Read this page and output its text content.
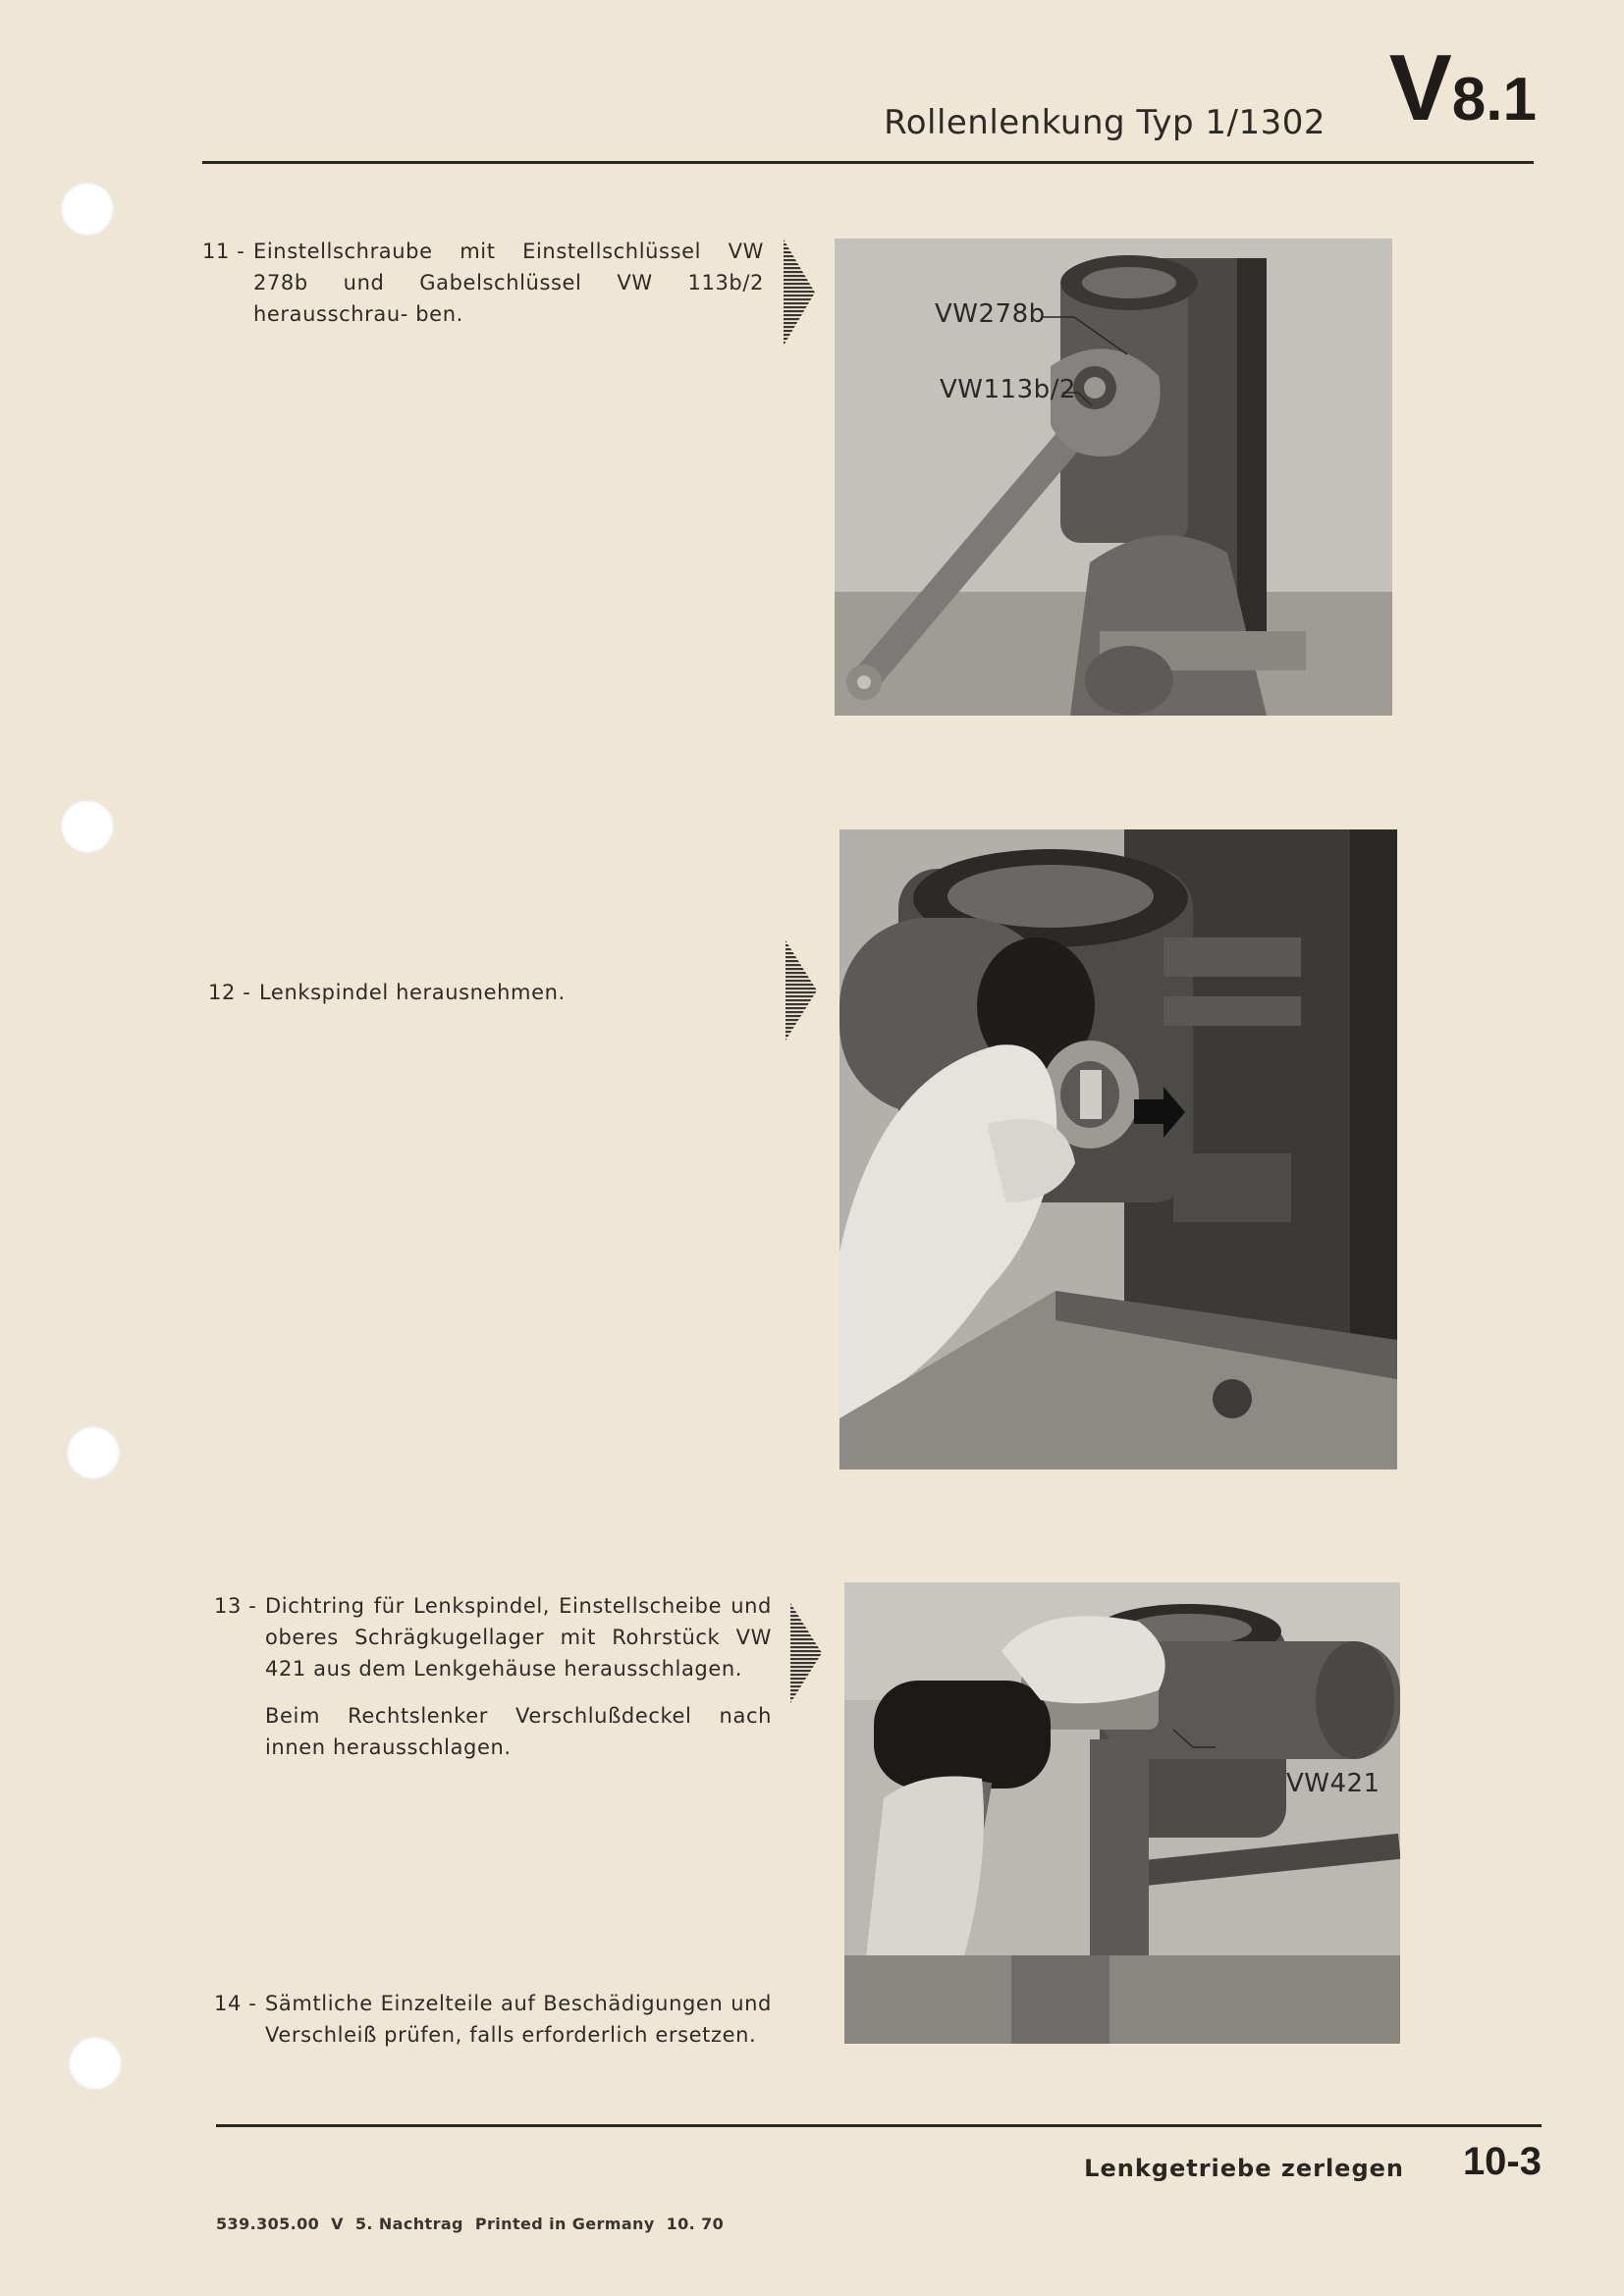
Rollenlenkung Typ 1/1302 V8.1
11 - Einstellschraube mit Einstellschlüssel VW 278b und Gabelschlüssel VW 113b/2 herausschrau- ben.	VW278b
VW113b/2
12 - Lenkspindel herausnehmen.
13 - Dichtring für Lenkspindel, Einstellscheibe und oberes Schrägkugellager mit Rohrstück VW 421 aus dem Lenkgehäuse herausschlagen.
Beim Rechtslenker Verschlußdeckel nach innen herausschlagen.
VW421
14 - Sämtliche Einzelteile auf Beschädigungen und Verschleiß prüfen, falls erforderlich ersetzen.
Lenkgetriebe zerlegen	10-3
539.305.00  V  5. Nachtrag  Printed in Germany  10. 70
